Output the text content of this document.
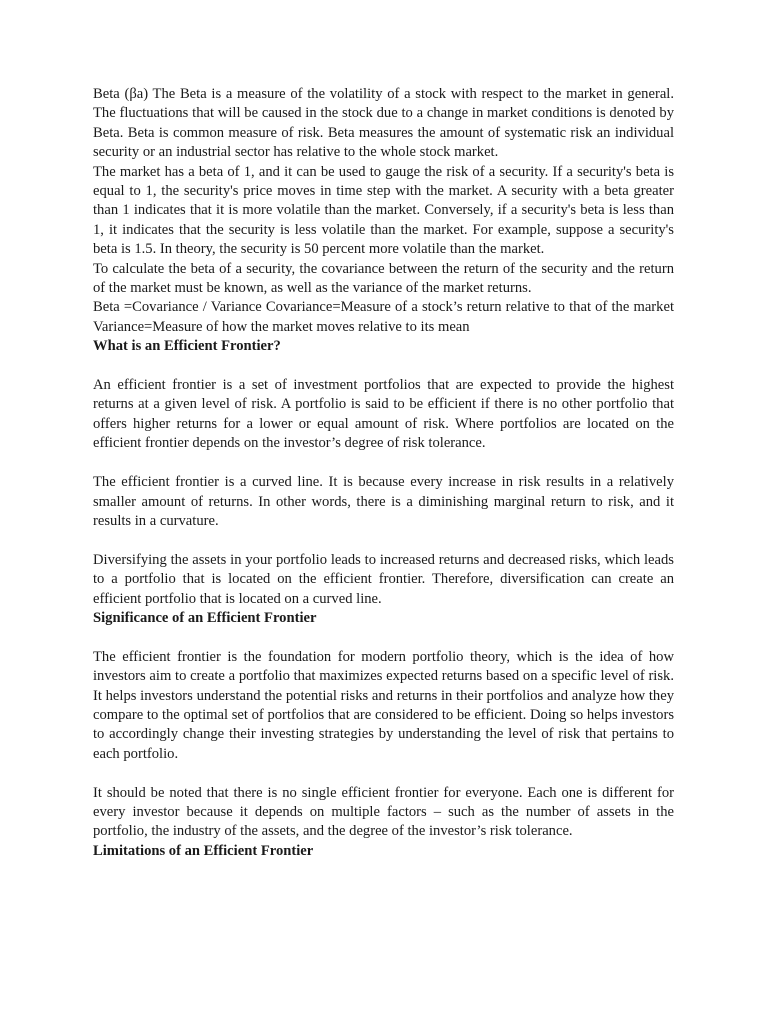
Beta (βa) The Beta is a measure of the volatility of a stock with respect to the market in general. The fluctuations that will be caused in the stock due to a change in market conditions is denoted by Beta. Beta is common measure of risk. Beta measures the amount of systematic risk an individual security or an industrial sector has relative to the whole stock market.

The market has a beta of 1, and it can be used to gauge the risk of a security. If a security's beta is equal to 1, the security's price moves in time step with the market. A security with a beta greater than 1 indicates that it is more volatile than the market. Conversely, if a security's beta is less than 1, it indicates that the security is less volatile than the market. For example, suppose a security's beta is 1.5. In theory, the security is 50 percent more volatile than the market.

To calculate the beta of a security, the covariance between the return of the security and the return of the market must be known, as well as the variance of the market returns.

Beta =Covariance / Variance Covariance=Measure of a stock’s return relative to that of the market Variance=Measure of how the market moves relative to its mean

What is an Efficient Frontier?

An efficient frontier is a set of investment portfolios that are expected to provide the highest returns at a given level of risk. A portfolio is said to be efficient if there is no other portfolio that offers higher returns for a lower or equal amount of risk. Where portfolios are located on the efficient frontier depends on the investor’s degree of risk tolerance.

The efficient frontier is a curved line. It is because every increase in risk results in a relatively smaller amount of returns. In other words, there is a diminishing marginal return to risk, and it results in a curvature.

Diversifying the assets in your portfolio leads to increased returns and decreased risks, which leads to a portfolio that is located on the efficient frontier. Therefore, diversification can create an efficient portfolio that is located on a curved line.

Significance of an Efficient Frontier

The efficient frontier is the foundation for modern portfolio theory, which is the idea of how investors aim to create a portfolio that maximizes expected returns based on a specific level of risk. It helps investors understand the potential risks and returns in their portfolios and analyze how they compare to the optimal set of portfolios that are considered to be efficient. Doing so helps investors to accordingly change their investing strategies by understanding the level of risk that pertains to each portfolio.

It should be noted that there is no single efficient frontier for everyone. Each one is different for every investor because it depends on multiple factors – such as the number of assets in the portfolio, the industry of the assets, and the degree of the investor’s risk tolerance.

Limitations of an Efficient Frontier
